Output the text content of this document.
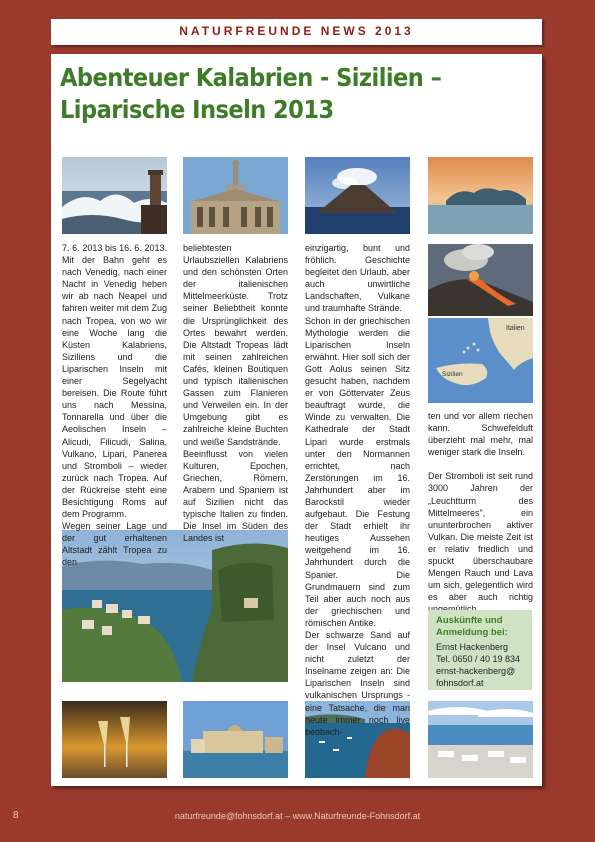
NATURFREUNDE NEWS 2013
Abenteuer Kalabrien - Sizilien –
Liparische Inseln 2013
Italien
Sizilien

7. 6. 2013 bis 16. 6. 2013. Mit der Bahn geht es nach Venedig, nach einer Nacht in Venedig heben wir ab nach Neapel und fahren weiter mit dem Zug nach Tropea, von wo wir eine Woche lang die Küsten Kalabriens, Siziliens und die Liparischen Inseln mit einer Segelyacht bereisen. Die Route führt uns nach Messina, Tonnarella und über die Aeolischen Inseln – Alicudi, Filicudi, Salina, Vulkano, Lipari, Panerea und Stromboli – wieder zurück nach Tropea. Auf der Rückreise steht eine Besichtigung Roms auf dem Programm.

Wegen seiner Lage und der gut erhaltenen Altstadt zählt Tropea zu den

beliebtesten Urlaubsziellen Kalabriens und den schönsten Orten der italienischen Mittelmeerküste. Trotz seiner Beliebtheit konnte die Ursprünglichkeit des Ortes bewahrt werden. Die Altstadt Tropeas lädt mit seinen zahlreichen Cafés, kleinen Boutiquen und typisch italienischen Gassen zum Flanieren und Verweilen ein. In der Umgebung gibt es zahlreiche kleine Buchten und weiße Sandstrände.

Beeinflusst von vielen Kulturen, Epochen, Griechen, Römern, Arabern und Spaniern ist auf Sizilien nicht das typische Italien zu finden. Die Insel im Süden des Landes ist

einzigartig, bunt und fröhlich. Geschichte begleitet den Urlaub, aber auch unwirtliche Landschaften, Vulkane und traumhafte Strände.

Schon in der griechischen Mythologie werden die Liparischen Inseln erwähnt. Hier soll sich der Gott Aolus seinen Sitz gesucht haben, nachdem er von Göttervater Zeus beauftragt wurde, die Winde zu verwalten. Die Kathedrale der Stadt Lipari wurde erstmals unter den Normannen errichtet, nach Zerstörungen im 16. Jahrhundert aber im Barockstil wieder aufgebaut. Die Festung der Stadt erhielt ihr heutiges Aussehen weitgehend im 16. Jahrhundert durch die Spanier. Die Grundmauern sind zum Teil aber auch noch aus der griechischen und römischen Antike.

Der schwarze Sand auf der Insel Vulcano und nicht zuletzt der Inselname zeigen an: Die Liparischen Inseln sind vulkanischen Ursprungs - eine Tatsache, die man heute immer noch live beobach-

ten und vor allem riechen kann. Schwefelduft überzieht mal mehr, mal weniger stark die Inseln.

Der Stromboli ist seit rund 3000 Jahren der „Leuchtturm des Mittelmeeres", ein ununterbrochen aktiver Vulkan. Die meiste Zeit ist er relativ friedlich und spuckt überschaubare Mengen Rauch und Lava um sich, gelegentlich wird es aber auch richtig

Auskünfte und
Anmeldung bei:
Ernst Hackenberg
Tel. 0650 / 40 19 834
ernst-hackenberg@
fohnsdorf.at
8	naturfreunde@fohnsdorf.at – www.Naturfreunde-Fohnsdorf.at
